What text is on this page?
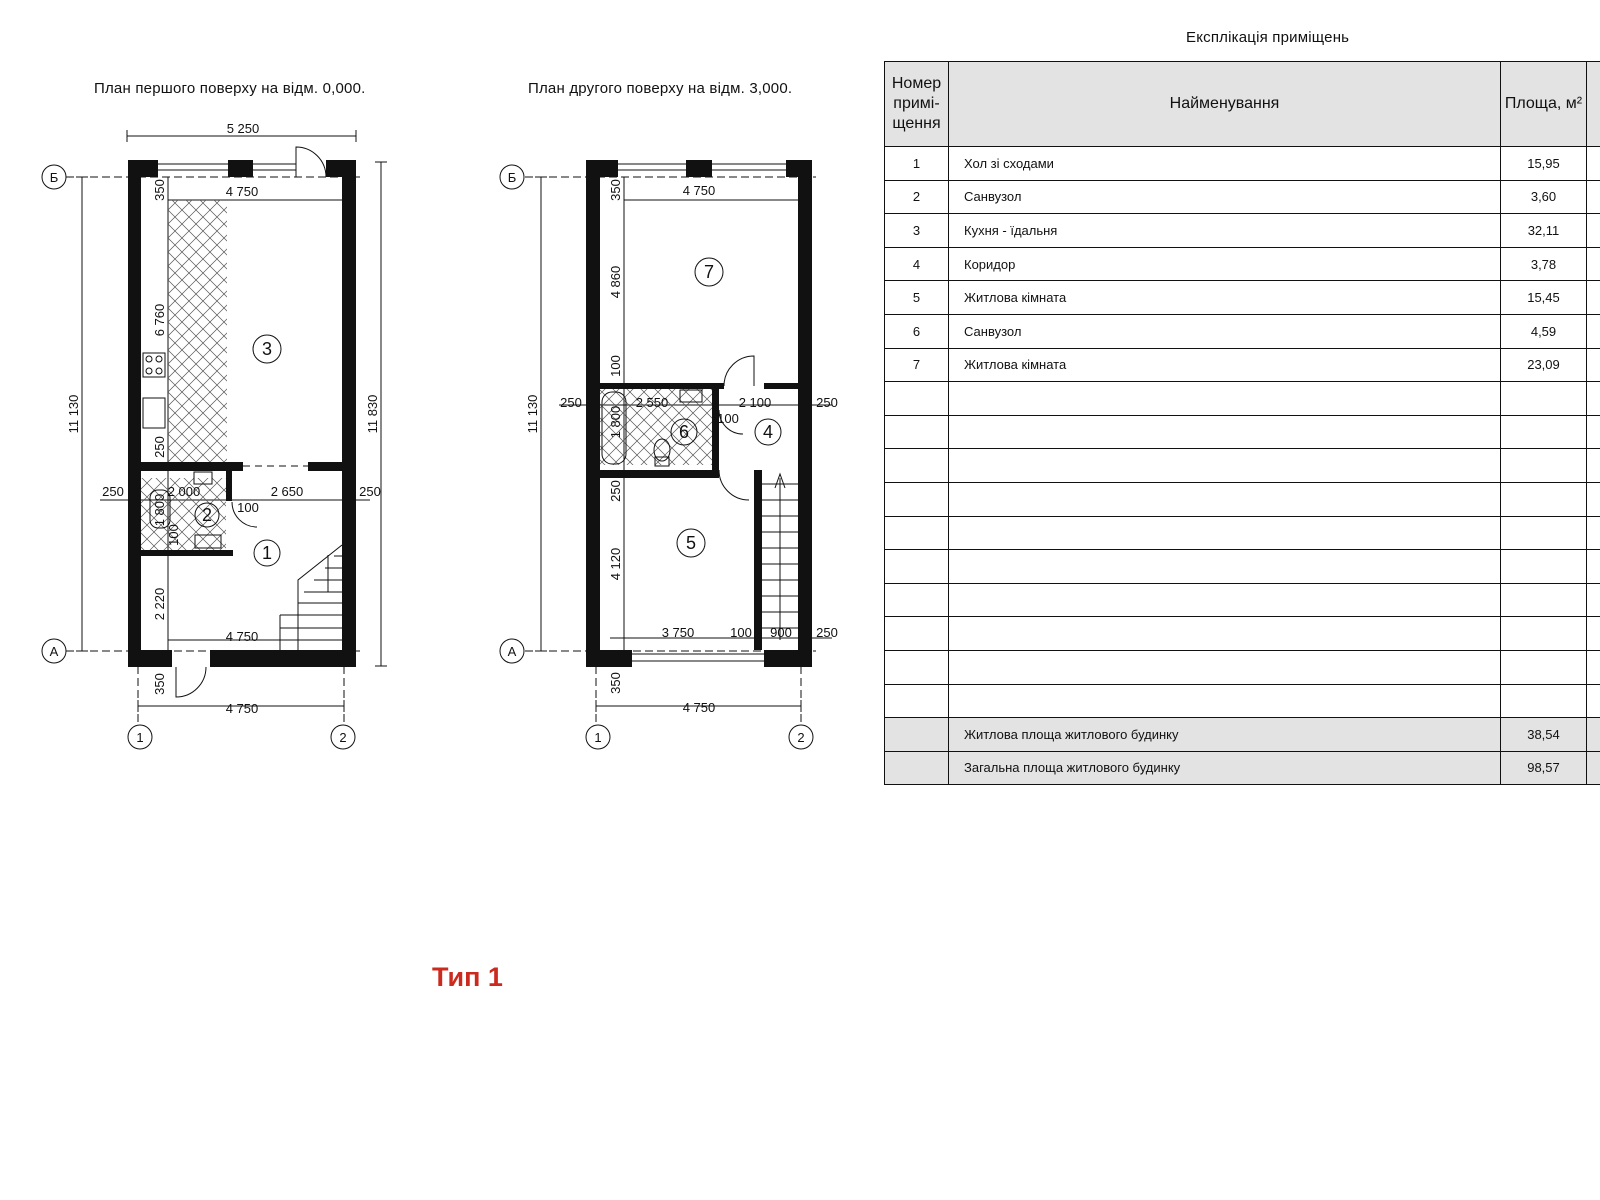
План першого поверху на відм. 0,000.	План другого поверху на відм. 3,000.
Експлікація приміщень
Б
А
1	2
3
2
1
5 250
4 750
11 130	11 830
350
6 760
250
1 800
100
2 220
350
250	2 000
100
2 650	250
4 750
4 750
Б
А
1	2
7
6	4
5
4 750
11 130
350
4 860
100
1 800
250
4 120
350
250	2 550	2 100
100
250
3 750	100 900 250
4 750
Номер примі-щення	Найменування	Площа, м²	
1	Хол зі сходами	15,95	
2	Санвузол	3,60	
3	Кухня - їдальня	32,11	
4	Коридор	3,78	
5	Житлова кімната	15,45	
6	Санвузол	4,59	
7	Житлова кімната	23,09	

	Житлова площа житлового будинку	38,54	
	Загальна площа житлового будинку	98,57	
Тип 1
